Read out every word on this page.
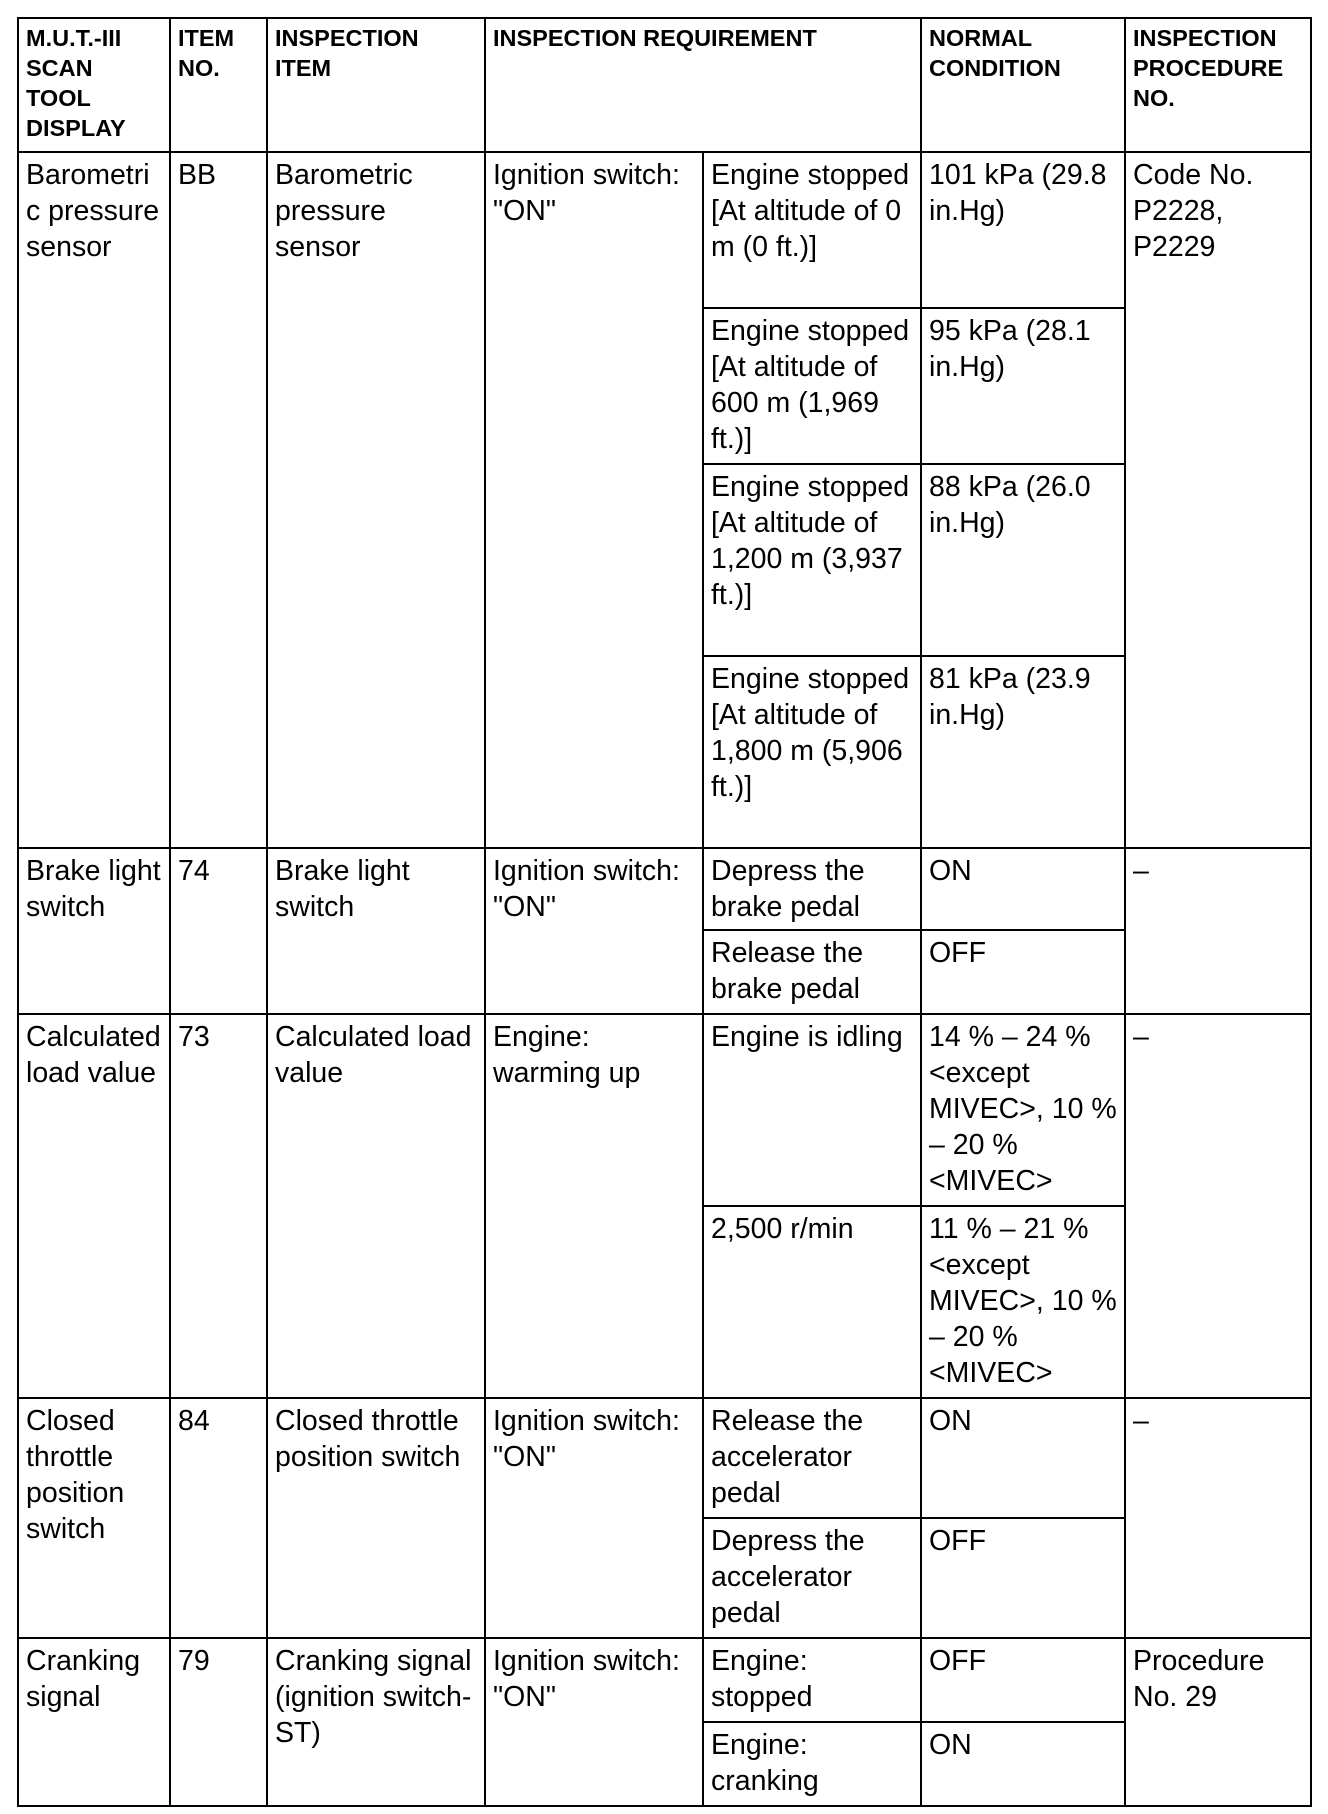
M.U.T.-III SCAN TOOL DISPLAY	ITEM NO.	INSPECTION ITEM	INSPECTION REQUIREMENT		NORMAL CONDITION	INSPECTION PROCEDURE NO.
Barometric pressure sensor	BB	Barometric pressure sensor	Ignition switch: "ON"	Engine stopped [At altitude of 0 m (0 ft.)]	101 kPa (29.8 in.Hg)	Code No. P2228, P2229
				Engine stopped [At altitude of 600 m (1,969 ft.)]	95 kPa (28.1 in.Hg)	
				Engine stopped [At altitude of 1,200 m (3,937 ft.)]	88 kPa (26.0 in.Hg)	
				Engine stopped [At altitude of 1,800 m (5,906 ft.)]	81 kPa (23.9 in.Hg)	
Brake light switch	74	Brake light switch	Ignition switch: "ON"	Depress the brake pedal	ON	–
				Release the brake pedal	OFF	
Calculated load value	73	Calculated load value	Engine: warming up	Engine is idling	14 % – 24 % <except MIVEC>, 10 % – 20 % <MIVEC>	–
				2,500 r/min	11 % – 21 % <except MIVEC>, 10 % – 20 % <MIVEC>	
Closed throttle position switch	84	Closed throttle position switch	Ignition switch: "ON"	Release the accelerator pedal	ON	–
				Depress the accelerator pedal	OFF	
Cranking signal	79	Cranking signal (ignition switch-ST)	Ignition switch: "ON"	Engine: stopped	OFF	Procedure No. 29
				Engine: cranking	ON	
